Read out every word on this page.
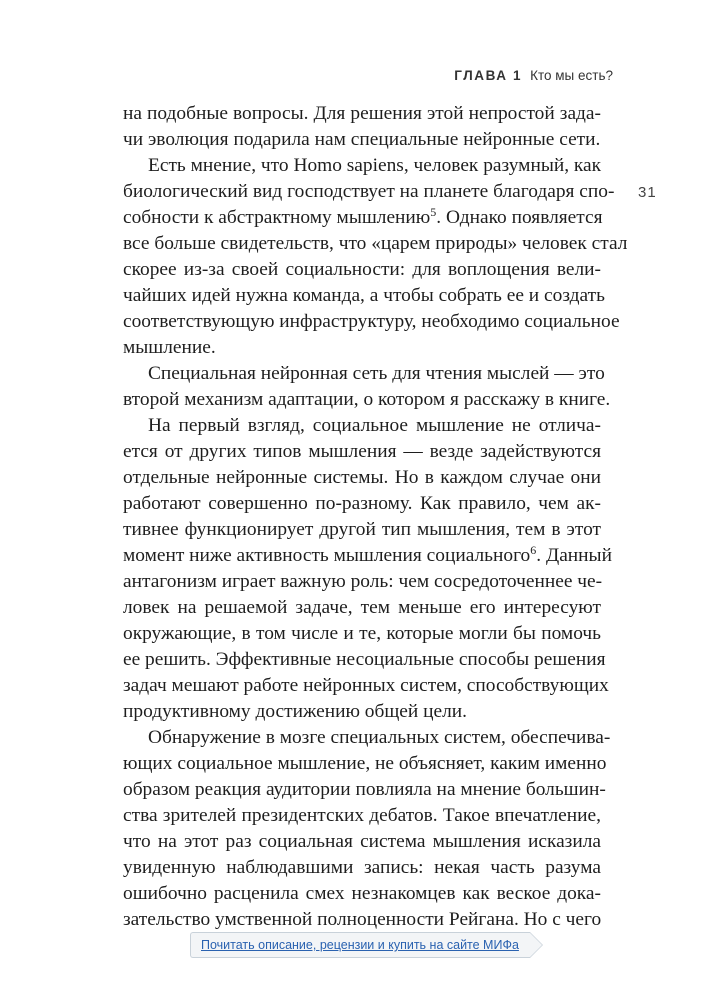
ГЛАВА 1 Кто мы есть?
31
на подобные вопросы. Для решения этой непростой зада-
чи эволюция подарила нам специальные нейронные сети.
Есть мнение, что Homo sapiens, человек разумный, как
биологический вид господствует на планете благодаря спо-
собности к абстрактному мышлению$^5$. Однако появляется
все больше свидетельств, что «царем природы» человек стал
скорее из-за своей социальности: для воплощения вели-
чайших идей нужна команда, а чтобы собрать ее и создать
соответствующую инфраструктуру, необходимо социальное
мышление.
Специальная нейронная сеть для чтения мыслей — это
второй механизм адаптации, о котором я расскажу в книге.
На первый взгляд, социальное мышление не отлича-
ется от других типов мышления — везде задействуются
отдельные нейронные системы. Но в каждом случае они
работают совершенно по-разному. Как правило, чем ак-
тивнее функционирует другой тип мышления, тем в этот
момент ниже активность мышления социального$^6$. Данный
антагонизм играет важную роль: чем сосредоточеннее че-
ловек на решаемой задаче, тем меньше его интересуют
окружающие, в том числе и те, которые могли бы помочь
ее решить. Эффективные несоциальные способы решения
задач мешают работе нейронных систем, способствующих
продуктивному достижению общей цели.
Обнаружение в мозге специальных систем, обеспечива-
ющих социальное мышление, не объясняет, каким именно
образом реакция аудитории повлияла на мнение большин-
ства зрителей президентских дебатов. Такое впечатление,
что на этот раз социальная система мышления исказила
увиденную наблюдавшими запись: некая часть разума
ошибочно расценила смех незнакомцев как веское дока-
зательство умственной полноценности Рейгана. Но с чего
Почитать описание, рецензии и купить на сайте МИФа
